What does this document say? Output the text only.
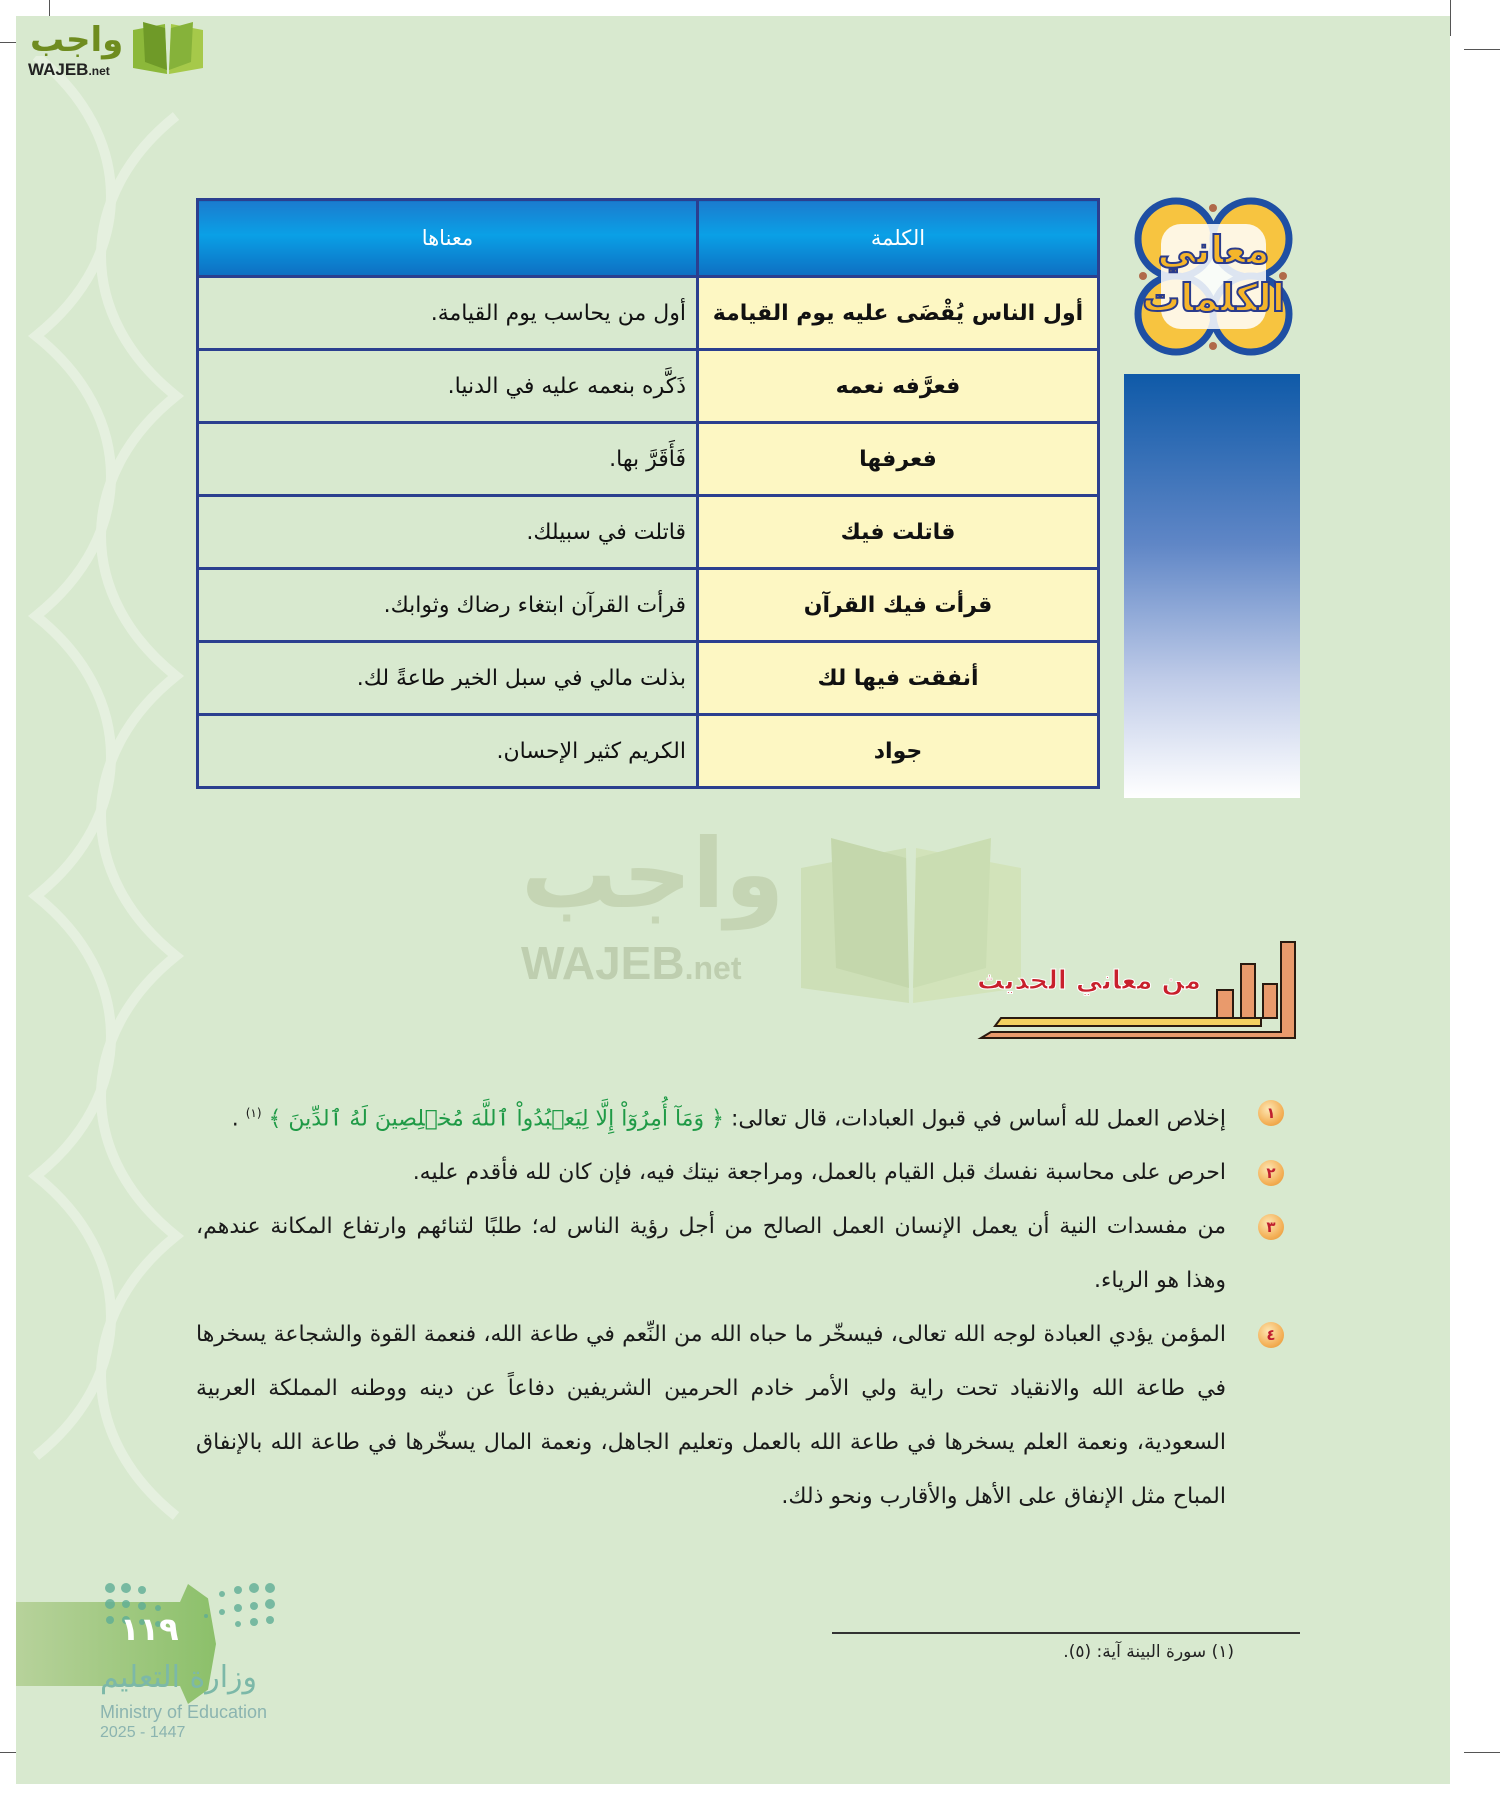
واجب
WAJEB.net
معاني
الكلمات
الكلمة	معناها
أول الناس يُقْضَى عليه يوم القيامة	أول من يحاسب يوم القيامة.
فعرَّفه نعمه	ذَكَّره بنعمه عليه في الدنيا.
فعرفها	فَأَقَرَّ بها.
قاتلت فيك	قاتلت في سبيلك.
قرأت فيك القرآن	قرأت القرآن ابتغاء رضاك وثوابك.
أنفقت فيها لك	بذلت مالي في سبل الخير طاعةً لك.
جواد	الكريم كثير الإحسان.
واجب
WAJEB.net	من معاني الحديث
١
إخلاص العمل لله أساس في قبول العبادات، قال تعالى: ﴿ وَمَآ أُمِرُوٓاْ إِلَّا لِيَعۡبُدُواْ ٱللَّهَ مُخۡلِصِينَ لَهُ ٱلدِّينَ ﴾ $^{(١)}$ .
٢
احرص على محاسبة نفسك قبل القيام بالعمل، ومراجعة نيتك فيه، فإن كان لله فأقدم عليه.
٣
من مفسدات النية أن يعمل الإنسان العمل الصالح من أجل رؤية الناس له؛ طلبًا لثنائهم وارتفاع المكانة عندهم، وهذا هو الرياء.
٤
المؤمن يؤدي العبادة لوجه الله تعالى، فيسخّر ما حباه الله من النِّعم في طاعة الله، فنعمة القوة والشجاعة يسخرها في طاعة الله والانقياد تحت راية ولي الأمر خادم الحرمين الشريفين دفاعاً عن دينه ووطنه المملكة العربية السعودية، ونعمة العلم يسخرها في طاعة الله بالعمل وتعليم الجاهل، ونعمة المال يسخّرها في طاعة الله بالإنفاق المباح مثل الإنفاق على الأهل والأقارب ونحو ذلك.
(١) سورة البينة آية: (٥).
١١٩
وزارة التعليم
Ministry of Education
2025 - 1447
